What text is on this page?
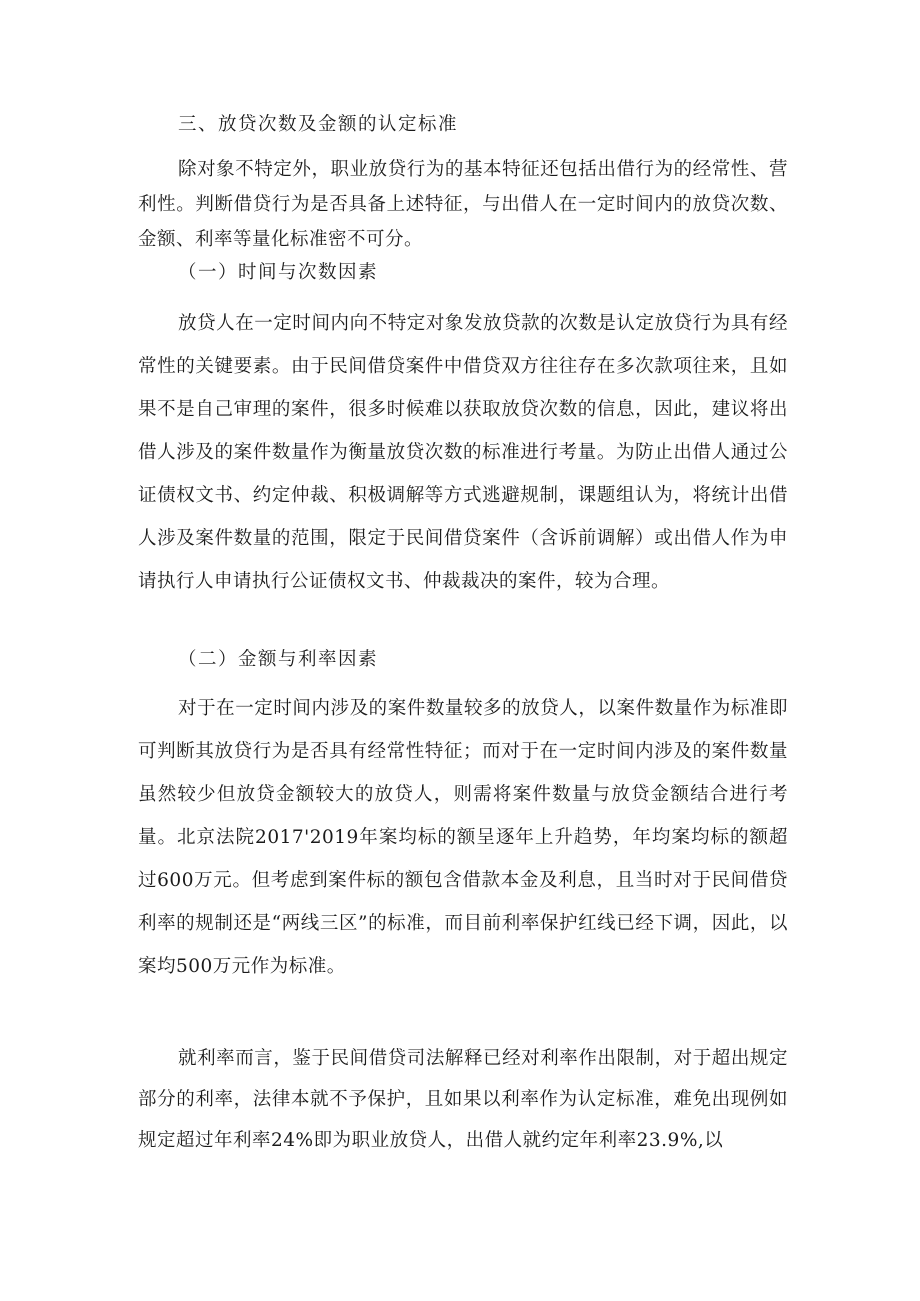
三、放贷次数及金额的认定标准

除对象不特定外，职业放贷行为的基本特征还包括出借行为的经常性、营利性。判断借贷行为是否具备上述特征，与出借人在一定时间内的放贷次数、金额、利率等量化标准密不可分。

（一）时间与次数因素

放贷人在一定时间内向不特定对象发放贷款的次数是认定放贷行为具有经常性的关键要素。由于民间借贷案件中借贷双方往往存在多次款项往来，且如果不是自己审理的案件，很多时候难以获取放贷次数的信息，因此，建议将出借人涉及的案件数量作为衡量放贷次数的标准进行考量。为防止出借人通过公证债权文书、约定仲裁、积极调解等方式逃避规制，课题组认为，将统计出借人涉及案件数量的范围，限定于民间借贷案件（含诉前调解）或出借人作为申请执行人申请执行公证债权文书、仲裁裁决的案件，较为合理。

（二）金额与利率因素

对于在一定时间内涉及的案件数量较多的放贷人，以案件数量作为标准即可判断其放贷行为是否具有经常性特征；而对于在一定时间内涉及的案件数量虽然较少但放贷金额较大的放贷人，则需将案件数量与放贷金额结合进行考量。北京法院2017'2019年案均标的额呈逐年上升趋势，年均案均标的额超过600万元。但考虑到案件标的额包含借款本金及利息，且当时对于民间借贷利率的规制还是“两线三区”的标准，而目前利率保护红线已经下调，因此，以案均500万元作为标准。

就利率而言，鉴于民间借贷司法解释已经对利率作出限制，对于超出规定部分的利率，法律本就不予保护，且如果以利率作为认定标准，难免出现例如规定超过年利率24%即为职业放贷人，出借人就约定年利率23.9%,以
